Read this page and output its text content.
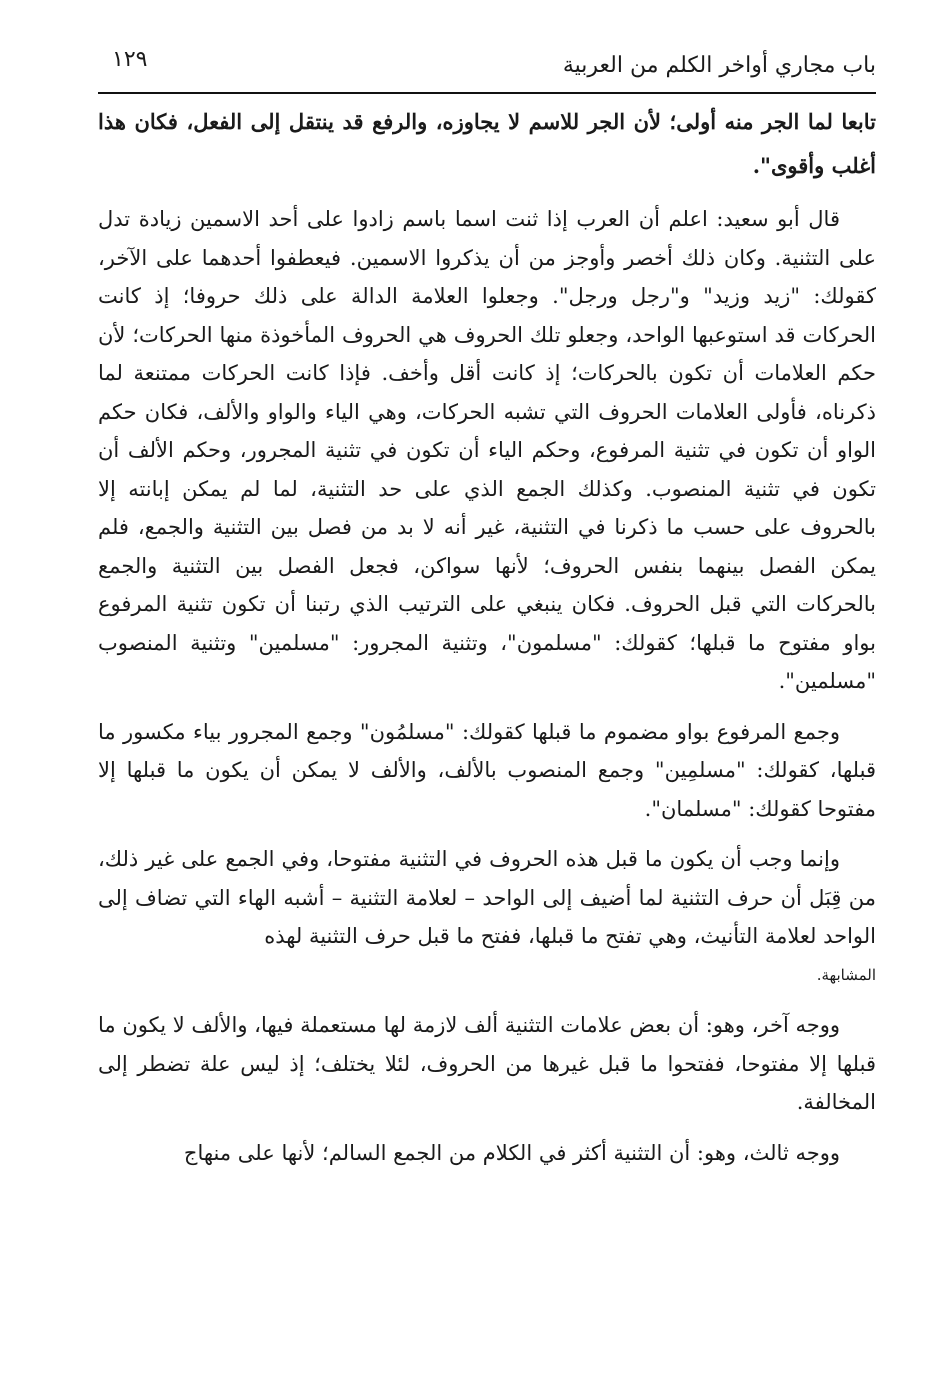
باب مجاري أواخر الكلم من العربية
١٢٩

تابعا لما الجر منه أولى؛ لأن الجر للاسم لا يجاوزه، والرفع قد ينتقل إلى الفعل، فكان هذا أغلب وأقوى".

قال أبو سعيد: اعلم أن العرب إذا ثنت اسما باسم زادوا على أحد الاسمين زيادة تدل على التثنية. وكان ذلك أخصر وأوجز من أن يذكروا الاسمين. فيعطفوا أحدهما على الآخر، كقولك: "زيد وزيد" و"رجل ورجل". وجعلوا العلامة الدالة على ذلك حروفا؛ إذ كانت الحركات قد استوعبها الواحد، وجعلو تلك الحروف هي الحروف المأخوذة منها الحركات؛ لأن حكم العلامات أن تكون بالحركات؛ إذ كانت أقل وأخف. فإذا كانت الحركات ممتنعة لما ذكرناه، فأولى العلامات الحروف التي تشبه الحركات، وهي الياء والواو والألف، فكان حكم الواو أن تكون في تثنية المرفوع، وحكم الياء أن تكون في تثنية المجرور، وحكم الألف أن تكون في تثنية المنصوب. وكذلك الجمع الذي على حد التثنية، لما لم يمكن إبانته إلا بالحروف على حسب ما ذكرنا في التثنية، غير أنه لا بد من فصل بين التثنية والجمع، فلم يمكن الفصل بينهما بنفس الحروف؛ لأنها سواكن، فجعل الفصل بين التثنية والجمع بالحركات التي قبل الحروف. فكان ينبغي على الترتيب الذي رتبنا أن تكون تثنية المرفوع بواو مفتوح ما قبلها؛ كقولك: "مسلمون"، وتثنية المجرور: "مسلمين" وتثنية المنصوب "مسلمين".

وجمع المرفوع بواو مضموم ما قبلها كقولك: "مسلمُون" وجمع المجرور بياء مكسور ما قبلها، كقولك: "مسلمِين" وجمع المنصوب بالألف، والألف لا يمكن أن يكون ما قبلها إلا مفتوحا كقولك: "مسلمان".

وإنما وجب أن يكون ما قبل هذه الحروف في التثنية مفتوحا، وفي الجمع على غير ذلك، من قِبَل أن حرف التثنية لما أضيف إلى الواحد – لعلامة التثنية – أشبه الهاء التي تضاف إلى الواحد لعلامة التأنيث، وهي تفتح ما قبلها، ففتح ما قبل حرف التثنية لهذه

المشابهة.

ووجه آخر، وهو: أن بعض علامات التثنية ألف لازمة لها مستعملة فيها، والألف لا يكون ما قبلها إلا مفتوحا، ففتحوا ما قبل غيرها من الحروف، لئلا يختلف؛ إذ ليس علة تضطر إلى المخالفة.

ووجه ثالث، وهو: أن التثنية أكثر في الكلام من الجمع السالم؛ لأنها على منهاج
